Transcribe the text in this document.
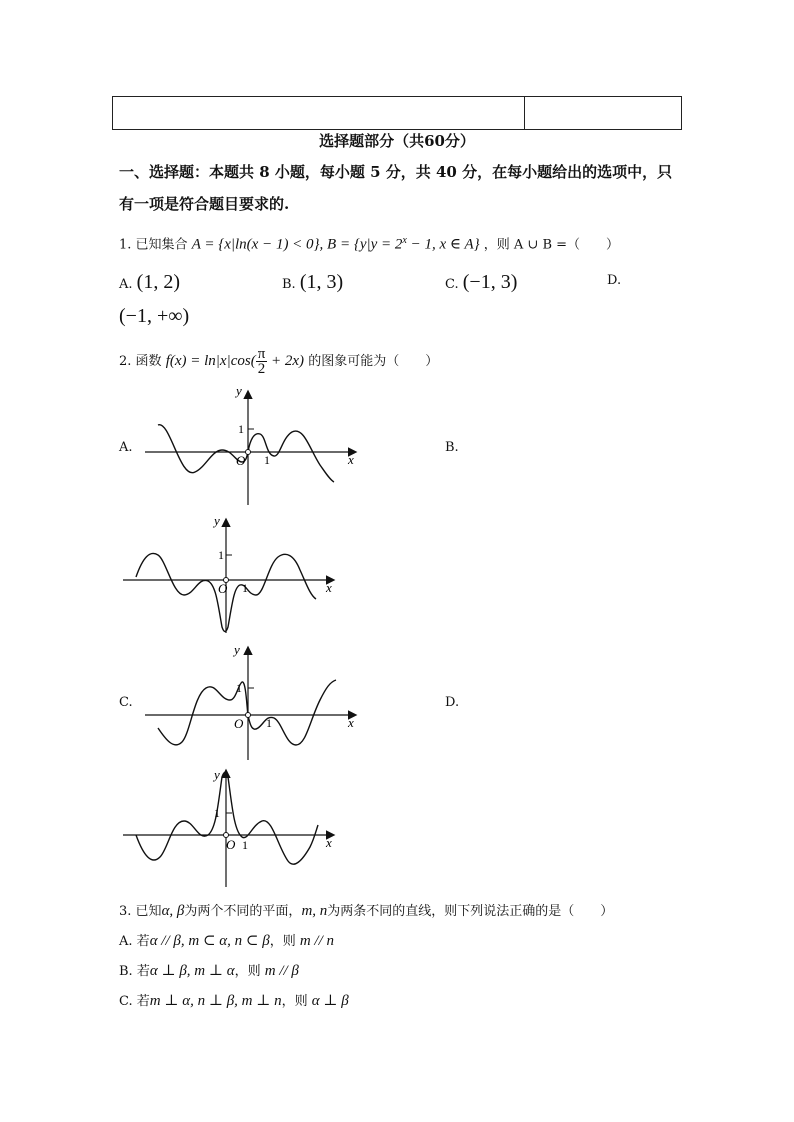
选择题部分（共60分）
一、选择题：本题共 8 小题，每小题 5 分，共 40 分，在每小题给出的选项中，只有一项是符合题目要求的.
1. 已知集合 A = {x|ln(x − 1) < 0}, $B = \{y|y = 2^x - 1$, x ∈ A} ，则 A ∪ B =（　　）
A. (1, 2)	B. (1, 3)	C. (−1, 3)	D.
(−1, +∞)
2. 函数 $f(x) = \ln|x|\cos( \frac{\pi}{2} + 2x)$ 的图象可能为（　　）
A.	B.
C.	D.
y
x
1
O 1
y
x
1
O 1
y
x
1
O 1
y
x
1
O 1
3. 已知α, β为两个不同的平面，m, n为两条不同的直线，则下列说法正确的是（　　）
A. 若α // β, m ⊂ α, n ⊂ β，则 m // n
B. 若α ⊥ β, m ⊥ α，则 m // β
C. 若m ⊥ α, n ⊥ β, m ⊥ n，则 α ⊥ β
